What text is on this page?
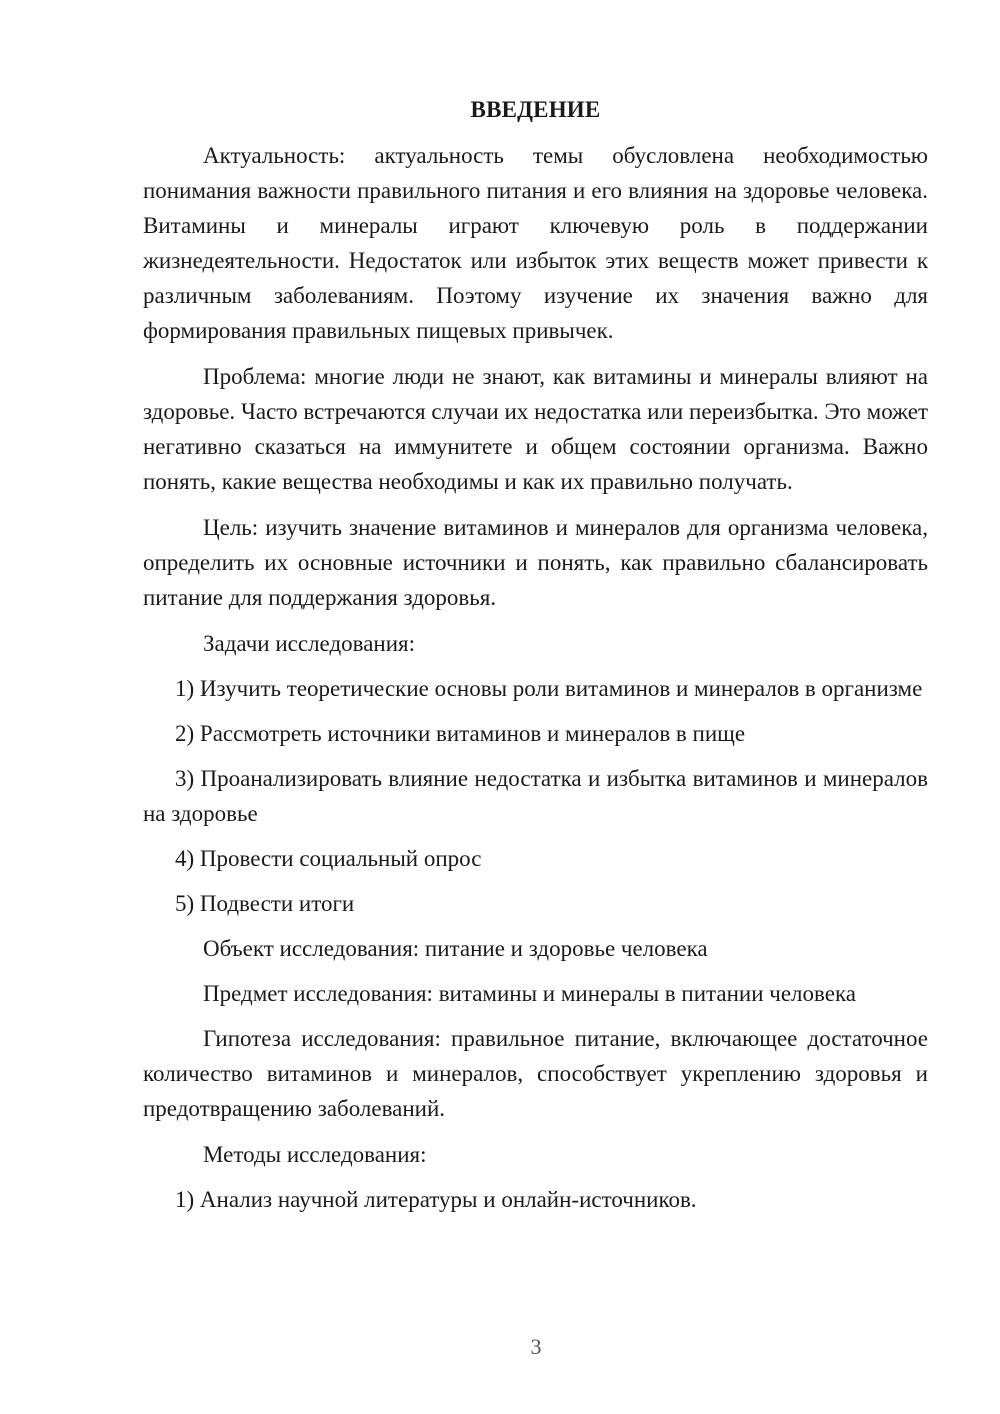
ВВЕДЕНИЕ

Актуальность: актуальность темы обусловлена необходимостью понимания важности правильного питания и его влияния на здоровье человека. Витамины и минералы играют ключевую роль в поддержании жизнедеятельности. Недостаток или избыток этих веществ может привести к различным заболеваниям. Поэтому изучение их значения важно для формирования правильных пищевых привычек.

Проблема: многие люди не знают, как витамины и минералы влияют на здоровье. Часто встречаются случаи их недостатка или переизбытка. Это может негативно сказаться на иммунитете и общем состоянии организма. Важно понять, какие вещества необходимы и как их правильно получать.

Цель: изучить значение витаминов и минералов для организма человека, определить их основные источники и понять, как правильно сбалансировать питание для поддержания здоровья.

Задачи исследования:

1) Изучить теоретические основы роли витаминов и минералов в организме

2) Рассмотреть источники витаминов и минералов в пище

3) Проанализировать влияние недостатка и избытка витаминов и минералов на здоровье

4) Провести социальный опрос

5) Подвести итоги

Объект исследования: питание и здоровье человека

Предмет исследования: витамины и минералы в питании человека

Гипотеза исследования: правильное питание, включающее достаточное количество витаминов и минералов, способствует укреплению здоровья и предотвращению заболеваний.

Методы исследования:

1) Анализ научной литературы и онлайн-источников.

3
